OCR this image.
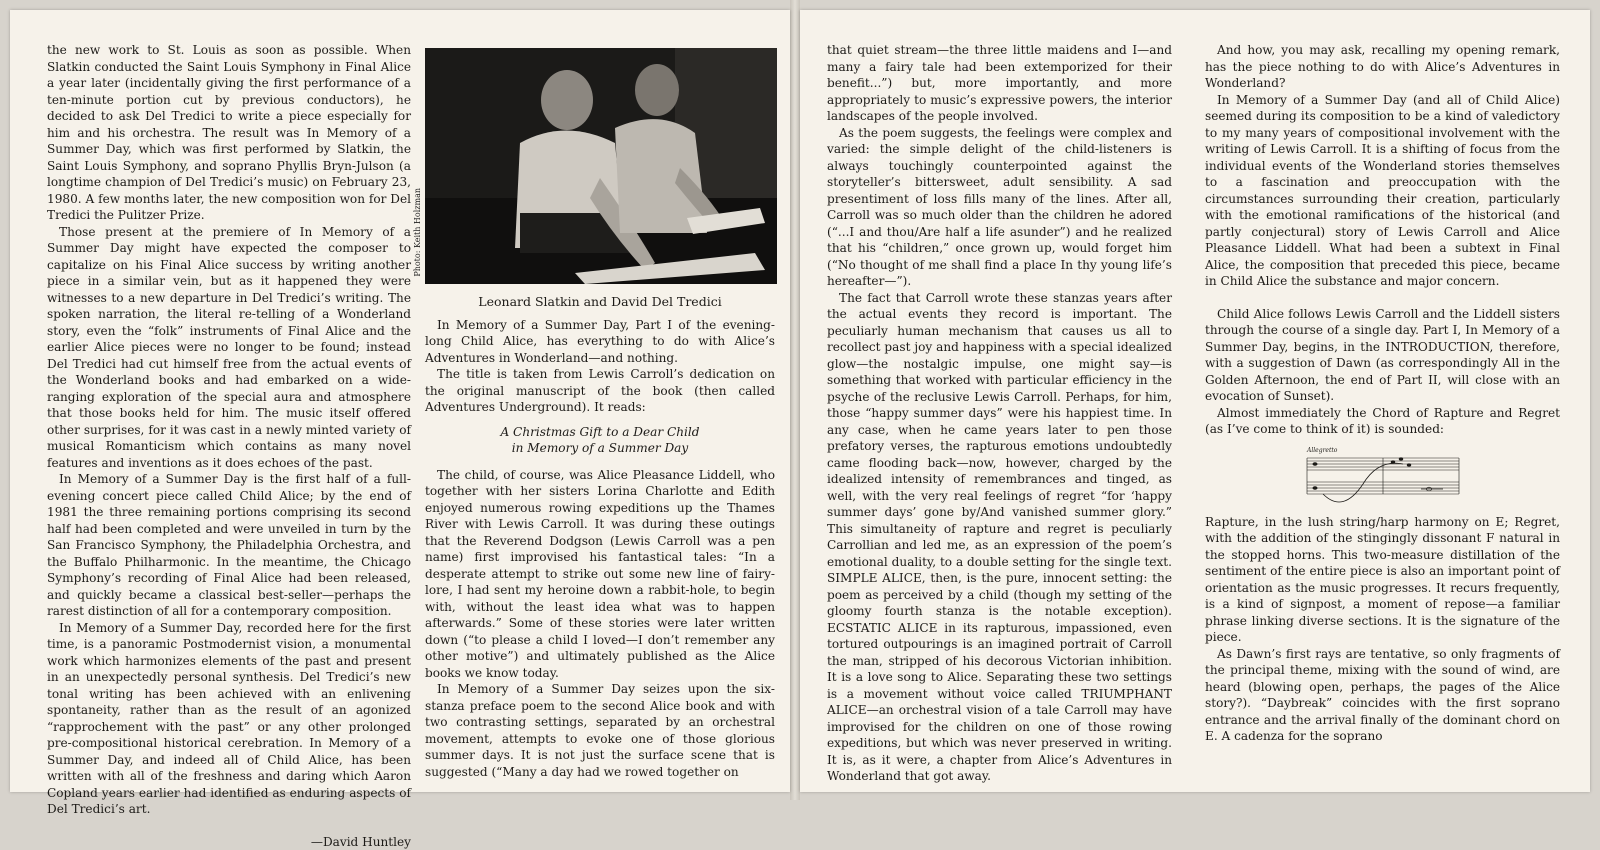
the new work to St. Louis as soon as possible. When Slatkin conducted the Saint Louis Symphony in Final Alice a year later (incidentally giving the first performance of a ten-minute portion cut by previous conductors), he decided to ask Del Tredici to write a piece especially for him and his orchestra. The result was In Memory of a Summer Day, which was first performed by Slatkin, the Saint Louis Symphony, and soprano Phyllis Bryn-Julson (a longtime champion of Del Tredici’s music) on February 23, 1980. A few months later, the new composition won for Del Tredici the Pulitzer Prize.

Those present at the premiere of In Memory of a Summer Day might have expected the composer to capitalize on his Final Alice success by writing another piece in a similar vein, but as it happened they were witnesses to a new departure in Del Tredici’s writing. The spoken narration, the literal re-telling of a Wonderland story, even the “folk” instruments of Final Alice and the earlier Alice pieces were no longer to be found; instead Del Tredici had cut himself free from the actual events of the Wonderland books and had embarked on a wide-ranging exploration of the special aura and atmosphere that those books held for him. The music itself offered other surprises, for it was cast in a newly minted variety of musical Romanticism which contains as many novel features and inventions as it does echoes of the past.

In Memory of a Summer Day is the first half of a full-evening concert piece called Child Alice; by the end of 1981 the three remaining portions comprising its second half had been completed and were unveiled in turn by the San Francisco Symphony, the Philadelphia Orchestra, and the Buffalo Philharmonic. In the meantime, the Chicago Symphony’s recording of Final Alice had been released, and quickly became a classical best-seller—perhaps the rarest distinction of all for a contemporary composition.

In Memory of a Summer Day, recorded here for the first time, is a panoramic Postmodernist vision, a monumental work which harmonizes elements of the past and present in an unexpectedly personal synthesis. Del Tredici’s new tonal writing has been achieved with an enlivening spontaneity, rather than as the result of an agonized “rapprochement with the past” or any other prolonged pre-compositional historical cerebration. In Memory of a Summer Day, and indeed all of Child Alice, has been written with all of the freshness and daring which Aaron Copland years earlier had identified as enduring aspects of Del Tredici’s art.

—David Huntley

Photo: Keith Holzman
Leonard Slatkin and David Del Tredici

In Memory of a Summer Day, Part I of the evening-long Child Alice, has everything to do with Alice’s Adventures in Wonderland—and nothing.

The title is taken from Lewis Carroll’s dedication on the original manuscript of the book (then called Adventures Underground). It reads:

A Christmas Gift to a Dear Child
in Memory of a Summer Day

The child, of course, was Alice Pleasance Liddell, who together with her sisters Lorina Charlotte and Edith enjoyed numerous rowing expeditions up the Thames River with Lewis Carroll. It was during these outings that the Reverend Dodgson (Lewis Carroll was a pen name) first improvised his fantastical tales: “In a desperate attempt to strike out some new line of fairy-lore, I had sent my heroine down a rabbit-hole, to begin with, without the least idea what was to happen afterwards.” Some of these stories were later written down (“to please a child I loved—I don’t remember any other motive”) and ultimately published as the Alice books we know today.

In Memory of a Summer Day seizes upon the six-stanza preface poem to the second Alice book and with two contrasting settings, separated by an orchestral movement, attempts to evoke one of those glorious summer days. It is not just the surface scene that is suggested (“Many a day had we rowed together on

that quiet stream—the three little maidens and I—and many a fairy tale had been extemporized for their benefit...”) but, more importantly, and more appropriately to music’s expressive powers, the interior landscapes of the people involved.

As the poem suggests, the feelings were complex and varied: the simple delight of the child-listeners is always touchingly counterpointed against the storyteller’s bittersweet, adult sensibility. A sad presentiment of loss fills many of the lines. After all, Carroll was so much older than the children he adored (“...I and thou/Are half a life asunder”) and he realized that his “children,” once grown up, would forget him (“No thought of me shall find a place In thy young life’s hereafter—”).

The fact that Carroll wrote these stanzas years after the actual events they record is important. The peculiarly human mechanism that causes us all to recollect past joy and happiness with a special idealized glow—the nostalgic impulse, one might say—is something that worked with particular efficiency in the psyche of the reclusive Lewis Carroll. Perhaps, for him, those “happy summer days” were his happiest time. In any case, when he came years later to pen those prefatory verses, the rapturous emotions undoubtedly came flooding back—now, however, charged by the idealized intensity of remembrances and tinged, as well, with the very real feelings of regret “for ‘happy summer days’ gone by/And vanished summer glory.” This simultaneity of rapture and regret is peculiarly Carrollian and led me, as an expression of the poem’s emotional duality, to a double setting for the single text. SIMPLE ALICE, then, is the pure, innocent setting: the poem as perceived by a child (though my setting of the gloomy fourth stanza is the notable exception). ECSTATIC ALICE in its rapturous, impassioned, even tortured outpourings is an imagined portrait of Carroll the man, stripped of his decorous Victorian inhibition. It is a love song to Alice. Separating these two settings is a movement without voice called TRIUMPHANT ALICE—an orchestral vision of a tale Carroll may have improvised for the children on one of those rowing expeditions, but which was never preserved in writing. It is, as it were, a chapter from Alice’s Adventures in Wonderland that got away.

And how, you may ask, recalling my opening remark, has the piece nothing to do with Alice’s Adventures in Wonderland?

In Memory of a Summer Day (and all of Child Alice) seemed during its composition to be a kind of valedictory to my many years of compositional involvement with the writing of Lewis Carroll. It is a shifting of focus from the individual events of the Wonderland stories themselves to a fascination and preoccupation with the circumstances surrounding their creation, particularly with the emotional ramifications of the historical (and partly conjectural) story of Lewis Carroll and Alice Pleasance Liddell. What had been a subtext in Final Alice, the composition that preceded this piece, became in Child Alice the substance and major concern.

Child Alice follows Lewis Carroll and the Liddell sisters through the course of a single day. Part I, In Memory of a Summer Day, begins, in the INTRODUCTION, therefore, with a suggestion of Dawn (as correspondingly All in the Golden Afternoon, the end of Part II, will close with an evocation of Sunset).

Almost immediately the Chord of Rapture and Regret (as I’ve come to think of it) is sounded:

Allegretto

Rapture, in the lush string/harp harmony on E; Regret, with the addition of the stingingly dissonant F natural in the stopped horns. This two-measure distillation of the sentiment of the entire piece is also an important point of orientation as the music progresses. It recurs frequently, is a kind of signpost, a moment of repose—a familiar phrase linking diverse sections. It is the signature of the piece.

As Dawn’s first rays are tentative, so only fragments of the principal theme, mixing with the sound of wind, are heard (blowing open, perhaps, the pages of the Alice story?). “Daybreak” coincides with the first soprano entrance and the arrival finally of the dominant chord on E. A cadenza for the soprano
